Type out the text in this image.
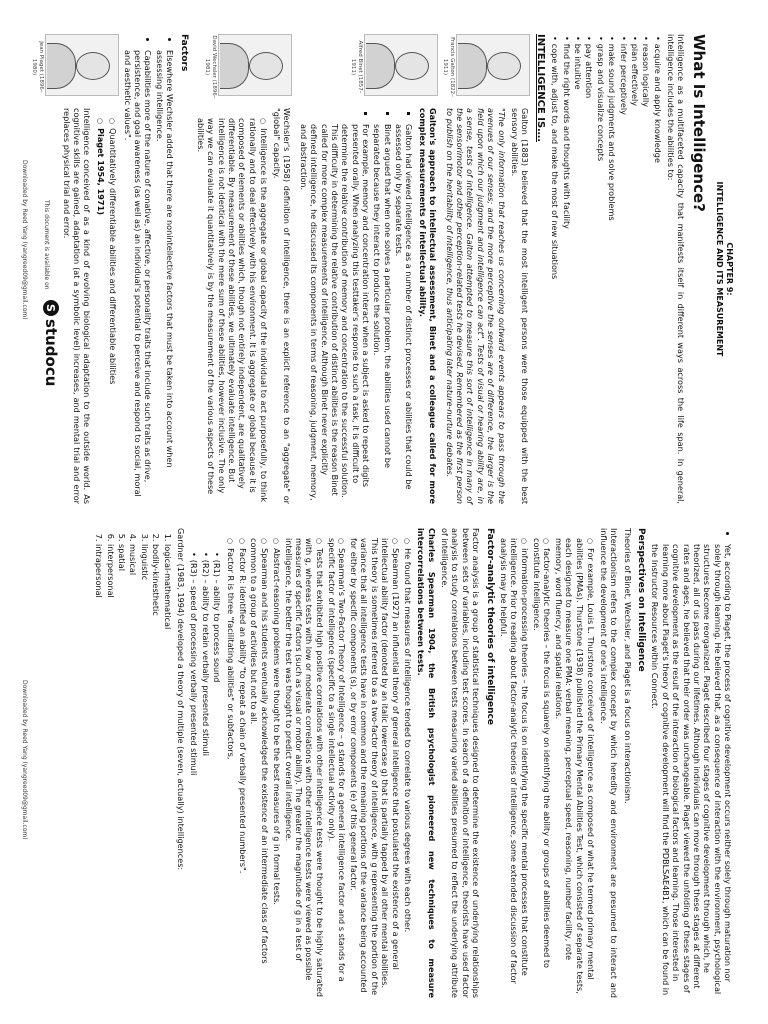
CHAPTER 9:
INTELLIGENCE AND ITS MEASUREMENT
What Is Intelligence?

Intelligence as a multifaceted capacity that manifests itself in different ways across the life span. In general, intelligence includes the abilities to:

• acquire and apply knowledge
• reason logically
• plan effectively
• infer perceptively
• make sound judgments and solve problems
• grasp and visualize concepts
• pay attention
• be intuitive
• find the right words and thoughts with facility
• cope with, adjust to, and make the most of new situations
INTELLIGENCE IS….
Francis Galton (1822–1911)

Galton (1883) believed that the most intelligent persons were those equipped with the best sensory abilities.

"The only information that reaches us concerning outward events appears to pass through the avenues of our senses; and the more perceptive the senses are of difference, the larger is the field upon which our judgment and intelligence can act". Tests of visual or hearing ability are, in a sense, tests of intelligence. Galton attempted to measure this sort of intelligence in many of the sensorimotor and other perception-related tests he devised. Remembered as the first person to publish on the heritability of intelligence, thus anticipating later nature-nurture debates.

Alfred Binet (1857–1911)

Galton's approach to intellectual assessment, Binet and a colleague called for more complex measurements of intellectual ability.

▪ Galton had viewed intelligence as a number of distinct processes or abilities that could be assessed only by separate tests.
▪ Binet argued that when one solves a particular problem, the abilities used cannot be separated because they interact to produce the solution.
▪ For example, memory and concentration interact when a subject is asked to repeat digits presented orally. When analyzing this testtaker's response to such a task, it is difficult to determine the relative contribution of memory and concentration to the successful solution. This difficulty in determining the relative contribution of distinct abilities is the reason Binet called for more complex measurements of intelligence. Although Binet never explicitly defined intelligence, he discussed its components in terms of reasoning, judgment, memory, and abstraction.
David Wechsler (1896–1981)

Wechsler's (1958) definition of intelligence, there is an explicit reference to an "aggregate" or "global" capacity.

○ Intelligence is the aggregate or global capacity of the individual to act purposefully, to think rationally and to deal effectively with his environment. It is aggregate or global because it is composed of elements or abilities which, though not entirely independent, are qualitatively differentiable. By measurement of these abilities, we ultimately evaluate intelligence. But intelligence is not identical with the mere sum of these abilities, however inclusive. The only way we can evaluate it quantitatively is by the measurement of the various aspects of these abilities.
Factors
• Elsewhere Wechsler added that there are nonintellective factors that must be taken into account when assessing intelligence.
• Capabilities more of the nature of conative, affective, or personality traits that include such traits as drive, persistence, and goal awareness (as well as) an individual's potential to perceive and respond to social, moral and aesthetic values".
Jean Piaget (1896–1980)
○ Quantitatively differentiable abilities and differentiable abilities
○ Piaget 1954, 1971)

Intelligence conceived of as a kind of evolving biological adaptation to the outside world. As cognitive skills are gained, adaptation (at a symbolic level) increases, and mental trial and error replaces physical trial and error.

This document is available on
S
studocu
Downloaded by Reed Yang (yangreed09@gmail.com)
• Yet, according to Piaget, the process of cognitive development occurs neither solely through maturation nor solely through learning. He believed that, as a consequence of interaction with the environment, psychological structures become reorganized. Piaget described four stages of cognitive development through which, he theorized, all of us pass during our lifetimes. Although individuals can move through these stages at different rates and ages, he believed that their order was unchangeable. Piaget viewed the unfolding of these stages of cognitive development as the result of the interaction of biological factors and learning. Those interested in learning more about Piaget's theory of cognitive development will find the PDBLSAE4B1, which can be found in the Instructor Resources within Connect.
Perspectives on Intelligence

Theories of Binet, Wechsler, and Piaget is a focus on interactionism.

Interactionism refers to the complex concept by which heredity and environment are presumed to interact and influence the development of one's intelligence.

○ For example, Louis L. Thurstone conceived of intelligence as composed of what he termed primary mental abilities (PMAs). Thurstone (1938) published the Primary Mental Abilities Test, which consisted of separate tests, each designed to measure one PMA: verbal meaning, perceptual speed, reasoning, number facility, rote memory, word fluency, and spatial relations.
○ factor-analytic theories – the focus is squarely on identifying the ability or groups of abilities deemed to constitute intelligence.
○ information-processing theories – the focus is on identifying the specific mental processes that constitute intelligence. Prior to reading about factor-analytic theories of intelligence, some extended discussion of factor analysis may be helpful.
Factor-analytic theories of intelligence

Factor analysis is a group of statistical techniques designed to determine the existence of underlying relationships between sets of variables, including test scores. In search of a definition of intelligence, theorists have used factor analysis to study correlations between tests measuring varied abilities presumed to reflect the underlying attribute of intelligence.

Charles Spearman 1904, the British psychologist pioneered new techniques to measure intercorrelations between tests.

○ He found that measures of intelligence tended to correlate to various degrees with each other.
○ Spearman (1927) an influential theory of general intelligence that postulated the existence of a general intellectual ability factor (denoted by an italic lowercase g) that is partially tapped by all other mental abilities. This theory is sometimes referred to as a two-factor theory of intelligence, with g representing the portion of the variance that all intelligence tests have in common and the remaining portions of the variance being accounted for either by specific components (s), or by error components (e) of this general factor.
○ Spearman's Two-Factor Theory of Intelligence – g stands for a general intelligence factor and s stands for a specific factor of intelligence (specific to a single intellectual activity only).
○ Tests that exhibited high positive correlations with other intelligence tests were thought to be highly saturated with g, whereas tests with low or moderate correlations with other intelligence tests were viewed as possible measures of specific factors (such as visual or motor ability). The greater the magnitude of g in a test of intelligence, the better the test was thought to predict overall intelligence.
○ Abstract-reasoning problems were thought to be the best measures of g in formal tests.
○ Spearman and his students eventually acknowledged the existence of an intermediate class of factors common to a group of activities but not to all.
○ Factor R: identified an ability "to repeat a chain of verbally presented numbers".
○ Factor R is three "facilitating abilities" or subfactors,
• (R1) – ability to process sound
• (R2) – ability to retain verbally presented stimuli
• (R3) – speed of processing verbally presented stimuli

Gardner (1983, 1994) developed a theory of multiple (seven, actually) intelligences:

1. logical-mathematical
2. bodily-kinesthetic
3. linguistic
4. musical
5. spatial
6. interpersonal
7. intrapersonal
Downloaded by Reed Yang (yangreed09@gmail.com)
